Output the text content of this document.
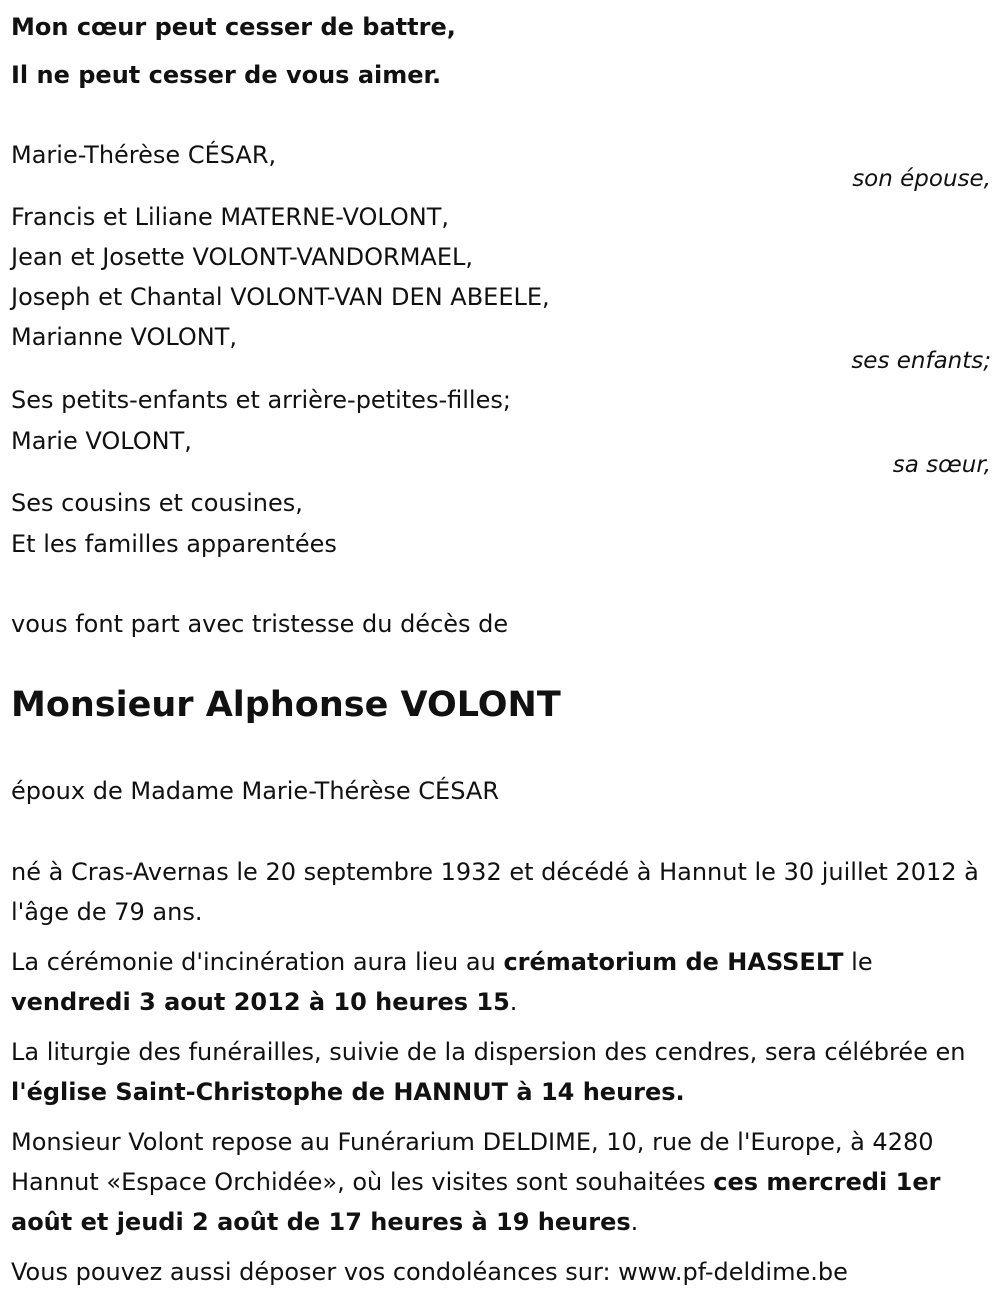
Mon cœur peut cesser de battre,
Il ne peut cesser de vous aimer.
Marie-Thérèse CÉSAR,
son épouse,
Francis et Liliane MATERNE-VOLONT,
Jean et Josette VOLONT-VANDORMAEL,
Joseph et Chantal VOLONT-VAN DEN ABEELE,
Marianne VOLONT,
ses enfants;
Ses petits-enfants et arrière-petites-filles;
Marie VOLONT,
sa sœur,
Ses cousins et cousines,
Et les familles apparentées
vous font part avec tristesse du décès de
Monsieur Alphonse VOLONT
époux de Madame Marie-Thérèse CÉSAR
né à Cras-Avernas le 20 septembre 1932 et décédé à Hannut le 30 juillet 2012 à l'âge de 79 ans.
La cérémonie d'incinération aura lieu au crématorium de HASSELT le vendredi 3 aout 2012 à 10 heures 15.
La liturgie des funérailles, suivie de la dispersion des cendres, sera célébrée en l'église Saint-Christophe de HANNUT à 14 heures.
Monsieur Volont repose au Funérarium DELDIME, 10, rue de l'Europe, à 4280 Hannut «Espace Orchidée», où les visites sont souhaitées ces mercredi 1er août et jeudi 2 août de 17 heures à 19 heures.
Vous pouvez aussi déposer vos condoléances sur: www.pf-deldime.be
